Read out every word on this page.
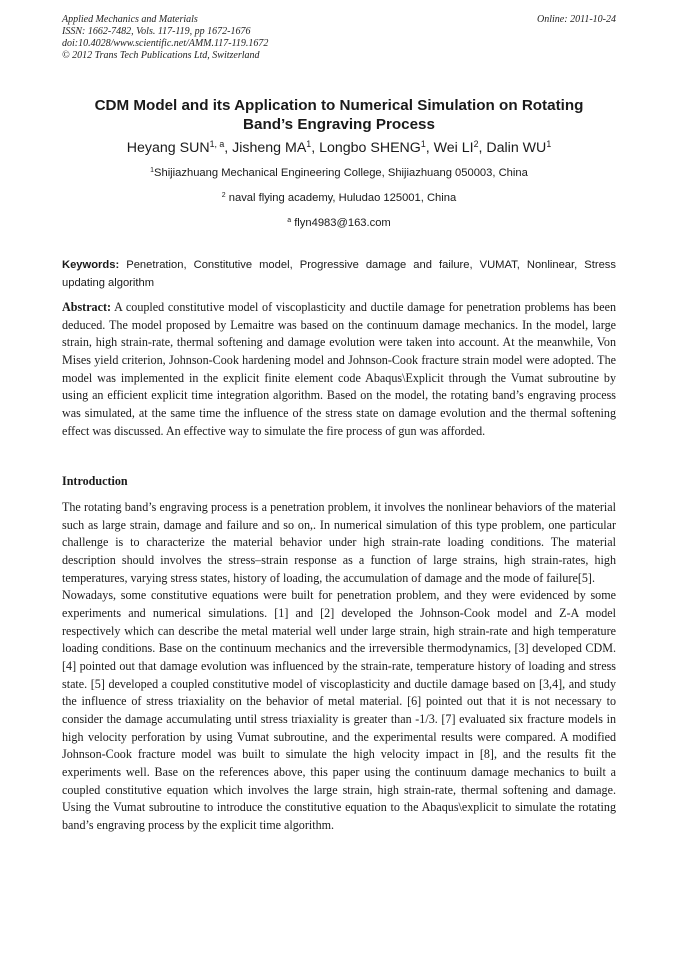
Applied Mechanics and Materials
ISSN: 1662-7482, Vols. 117-119, pp 1672-1676
doi:10.4028/www.scientific.net/AMM.117-119.1672
© 2012 Trans Tech Publications Ltd, Switzerland
Online: 2011-10-24
CDM Model and its Application to Numerical Simulation on Rotating
Band’s Engraving Process
Heyang SUN$^{1, a}$, Jisheng $MA^1$, Longbo SHENG$^1$, Wei $LI^2$, Dalin $WU^1$
$^1$Shijiazhuang Mechanical Engineering College, Shijiazhuang 050003, China
$^2$ naval flying academy, Huludao 125001, China
$^a$ flyn4983@163.com
Keywords: Penetration, Constitutive model, Progressive damage and failure, VUMAT, Nonlinear, Stress updating algorithm
Abstract: A coupled constitutive model of viscoplasticity and ductile damage for penetration problems has been deduced. The model proposed by Lemaitre was based on the continuum damage mechanics. In the model, large strain, high strain-rate, thermal softening and damage evolution were taken into account. At the meanwhile, Von Mises yield criterion, Johnson-Cook hardening model and Johnson-Cook fracture strain model were adopted. The model was implemented in the explicit finite element code Abaqus\Explicit through the Vumat subroutine by using an efficient explicit time integration algorithm. Based on the model, the rotating band’s engraving process was simulated, at the same time the influence of the stress state on damage evolution and the thermal softening effect was discussed. An effective way to simulate the fire process of gun was afforded.
Introduction

The rotating band’s engraving process is a penetration problem, it involves the nonlinear behaviors of the material such as large strain, damage and failure and so on,. In numerical simulation of this type problem, one particular challenge is to characterize the material behavior under high strain-rate loading conditions. The material description should involves the stress–strain response as a function of large strains, high strain-rates, high temperatures, varying stress states, history of loading, the accumulation of damage and the mode of failure[5].

Nowadays, some constitutive equations were built for penetration problem, and they were evidenced by some experiments and numerical simulations. [1] and [2] developed the Johnson-Cook model and Z-A model respectively which can describe the metal material well under large strain, high strain-rate and high temperature loading conditions. Base on the continuum mechanics and the irreversible thermodynamics, [3] developed CDM. [4] pointed out that damage evolution was influenced by the strain-rate, temperature history of loading and stress state. [5] developed a coupled constitutive model of viscoplasticity and ductile damage based on [3,4], and study the influence of stress triaxiality on the behavior of metal material. [6] pointed out that it is not necessary to consider the damage accumulating until stress triaxiality is greater than -1/3. [7] evaluated six fracture models in high velocity perforation by using Vumat subroutine, and the experimental results were compared. A modified Johnson-Cook fracture model was built to simulate the high velocity impact in [8], and the results fit the experiments well. Base on the references above, this paper using the continuum damage mechanics to built a coupled constitutive equation which involves the large strain, high strain-rate, thermal softening and damage. Using the Vumat subroutine to introduce the constitutive equation to the Abaqus\explicit to simulate the rotating band’s engraving process by the explicit time algorithm.
